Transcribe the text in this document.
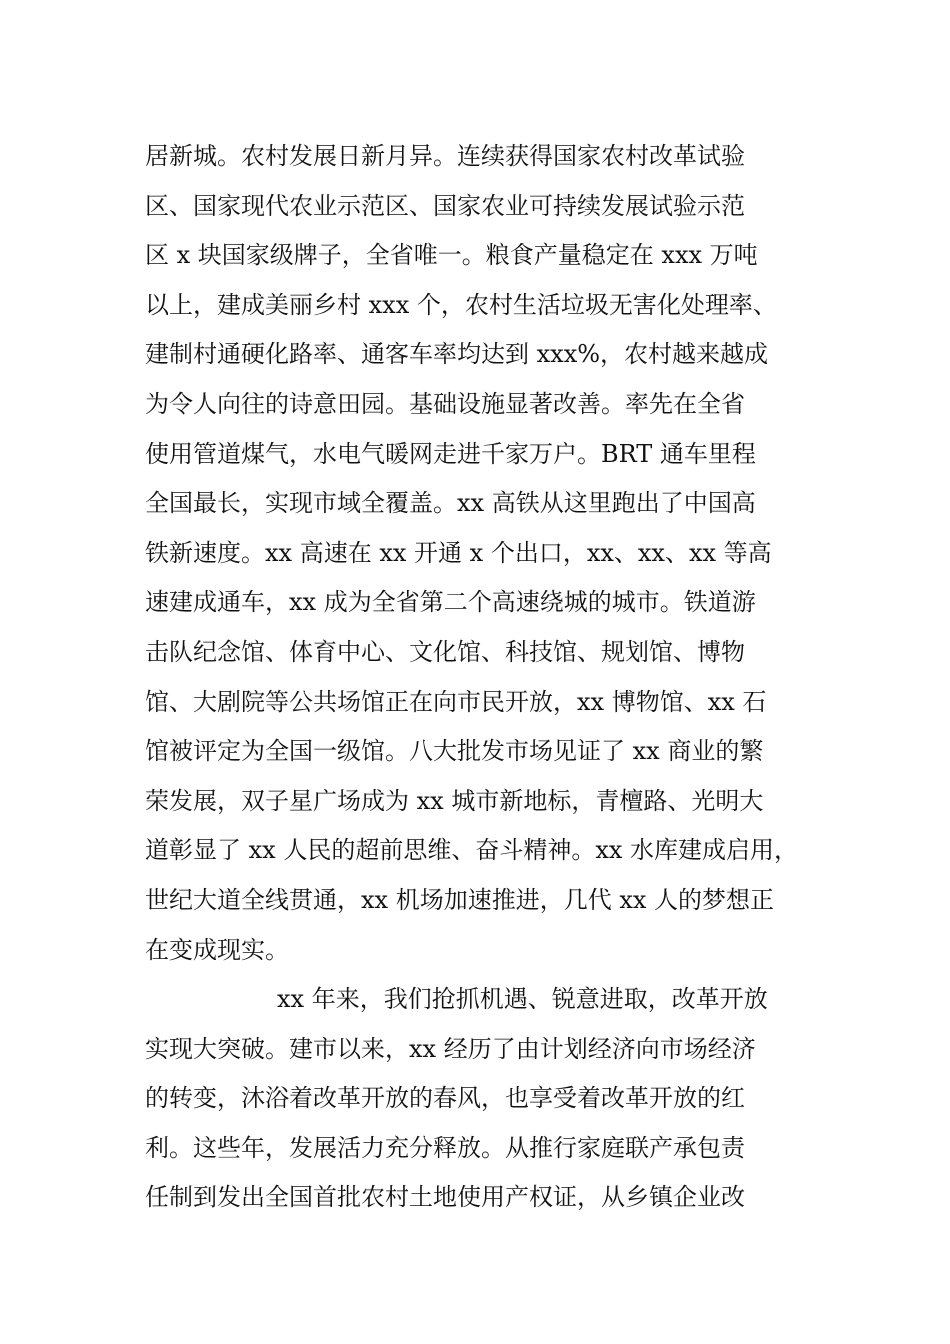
居新城。农村发展日新月异。连续获得国家农村改革试验
区、国家现代农业示范区、国家农业可持续发展试验示范
区 x 块国家级牌子，全省唯一。粮食产量稳定在 xxx 万吨
以上，建成美丽乡村 xxx 个，农村生活垃圾无害化处理率、
建制村通硬化路率、通客车率均达到 xxx%，农村越来越成
为令人向往的诗意田园。基础设施显著改善。率先在全省
使用管道煤气，水电气暖网走进千家万户。BRT 通车里程
全国最长，实现市域全覆盖。xx 高铁从这里跑出了中国高
铁新速度。xx 高速在 xx 开通 x 个出口，xx、xx、xx 等高
速建成通车，xx 成为全省第二个高速绕城的城市。铁道游
击队纪念馆、体育中心、文化馆、科技馆、规划馆、博物
馆、大剧院等公共场馆正在向市民开放，xx 博物馆、xx 石
馆被评定为全国一级馆。八大批发市场见证了 xx 商业的繁
荣发展，双子星广场成为 xx 城市新地标，青檀路、光明大
道彰显了 xx 人民的超前思维、奋斗精神。xx 水库建成启用，
世纪大道全线贯通，xx 机场加速推进，几代 xx 人的梦想正
在变成现实。
xx 年来，我们抢抓机遇、锐意进取，改革开放
实现大突破。建市以来，xx 经历了由计划经济向市场经济
的转变，沐浴着改革开放的春风，也享受着改革开放的红
利。这些年，发展活力充分释放。从推行家庭联产承包责
任制到发出全国首批农村土地使用产权证，从乡镇企业改
